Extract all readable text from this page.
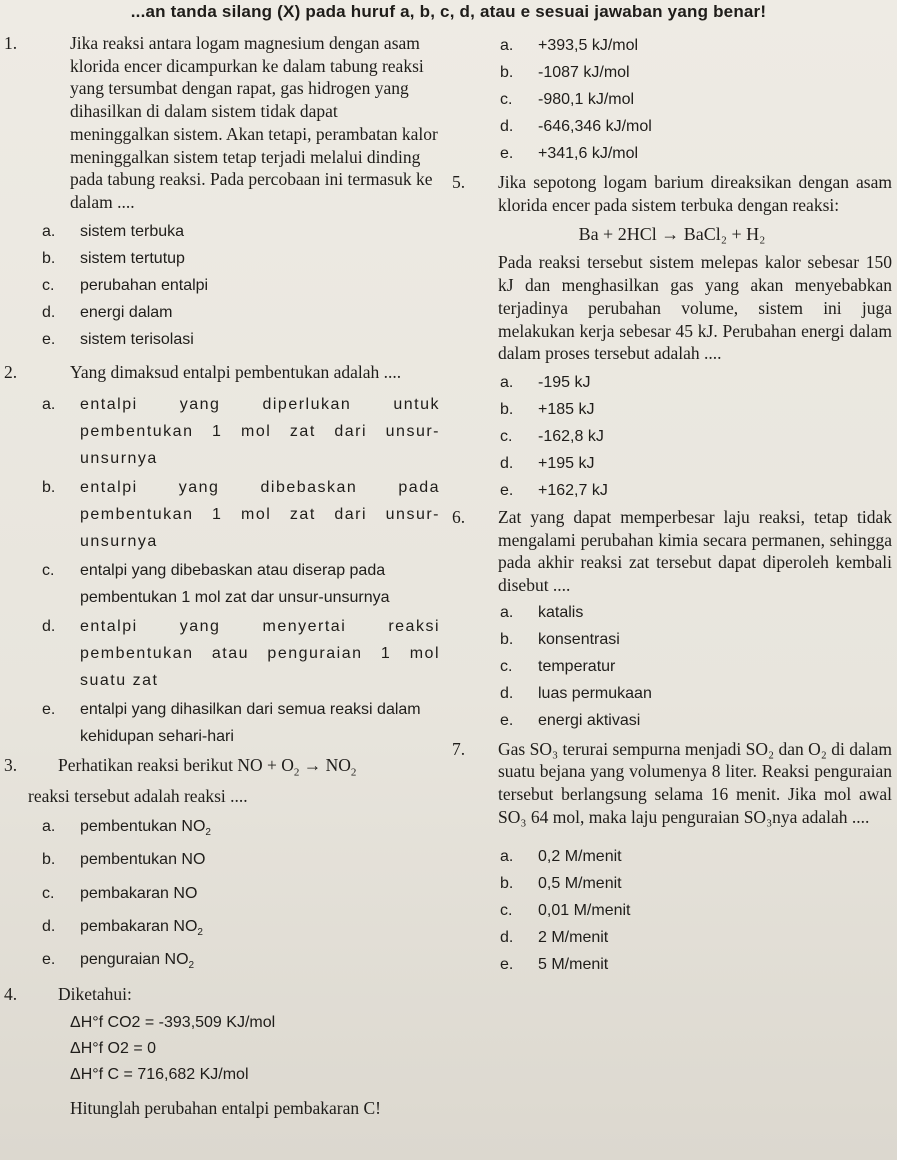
...an tanda silang (X) pada huruf a, b, c, d, atau e sesuai jawaban yang benar!
1.	Jika reaksi antara logam magnesium dengan asam klorida encer dicampurkan ke dalam tabung reaksi yang tersumbat dengan rapat, gas hidrogen yang dihasilkan di dalam sistem tidak dapat meninggalkan sistem. Akan tetapi, perambatan kalor meninggalkan sistem tetap terjadi melalui dinding pada tabung reaksi. Pada percobaan ini termasuk ke dalam ....
a. sistem terbuka
b. sistem tertutup
c. perubahan entalpi
d. energi dalam
e. sistem terisolasi
2.	Yang dimaksud entalpi pembentukan adalah ....
a. entalpi yang diperlukan untuk pembentukan 1 mol zat dari unsur-unsurnya
b. entalpi yang dibebaskan pada pembentukan 1 mol zat dari unsur-unsurnya
c. entalpi yang dibebaskan atau diserap pada pembentukan 1 mol zat dar unsur-unsurnya
d. entalpi yang menyertai reaksi pembentukan atau penguraian 1 mol suatu zat
e. entalpi yang dihasilkan dari semua reaksi dalam kehidupan sehari-hari
3. Perhatikan reaksi berikut NO + $O_2 \to NO_2$
reaksi tersebut adalah reaksi ....
a. pembentukan $NO_2$
b. pembentukan NO
c. pembakaran NO
d. pembakaran $NO_2$
e. penguraian $NO_2$
4. Diketahui:
ΔH°f CO2 = -393,509 KJ/mol
ΔH°f O2 = 0
ΔH°f C = 716,682 KJ/mol
Hitunglah perubahan entalpi pembakaran C!
a. +393,5 kJ/mol
b. -1087 kJ/mol
c. -980,1 kJ/mol
d. -646,346 kJ/mol
e. +341,6 kJ/mol
5. Jika sepotong logam barium direaksikan dengan asam klorida encer pada sistem terbuka dengan reaksi:
Ba + 2HCl → BaCl₂ + H₂
Pada reaksi tersebut sistem melepas kalor sebesar 150 kJ dan menghasilkan gas yang akan menyebabkan terjadinya perubahan volume, sistem ini juga melakukan kerja sebesar 45 kJ. Perubahan energi dalam dalam proses tersebut adalah ....
a. -195 kJ
b. +185 kJ
c. -162,8 kJ
d. +195 kJ
e. +162,7 kJ
6. Zat yang dapat memperbesar laju reaksi, tetap tidak mengalami perubahan kimia secara permanen, sehingga pada akhir reaksi zat tersebut dapat diperoleh kembali disebut ....
a. katalis
b. konsentrasi
c. temperatur
d. luas permukaan
e. energi aktivasi
7. Gas SO₃ terurai sempurna menjadi SO₂ dan O₂ di dalam suatu bejana yang volumenya 8 liter. Reaksi penguraian tersebut berlangsung selama 16 menit. Jika mol awal SO₃ 64 mol, maka laju penguraian SO₃nya adalah ....
a. 0,2 M/menit
b. 0,5 M/menit
c. 0,01 M/menit
d. 2 M/menit
e. 5 M/menit
